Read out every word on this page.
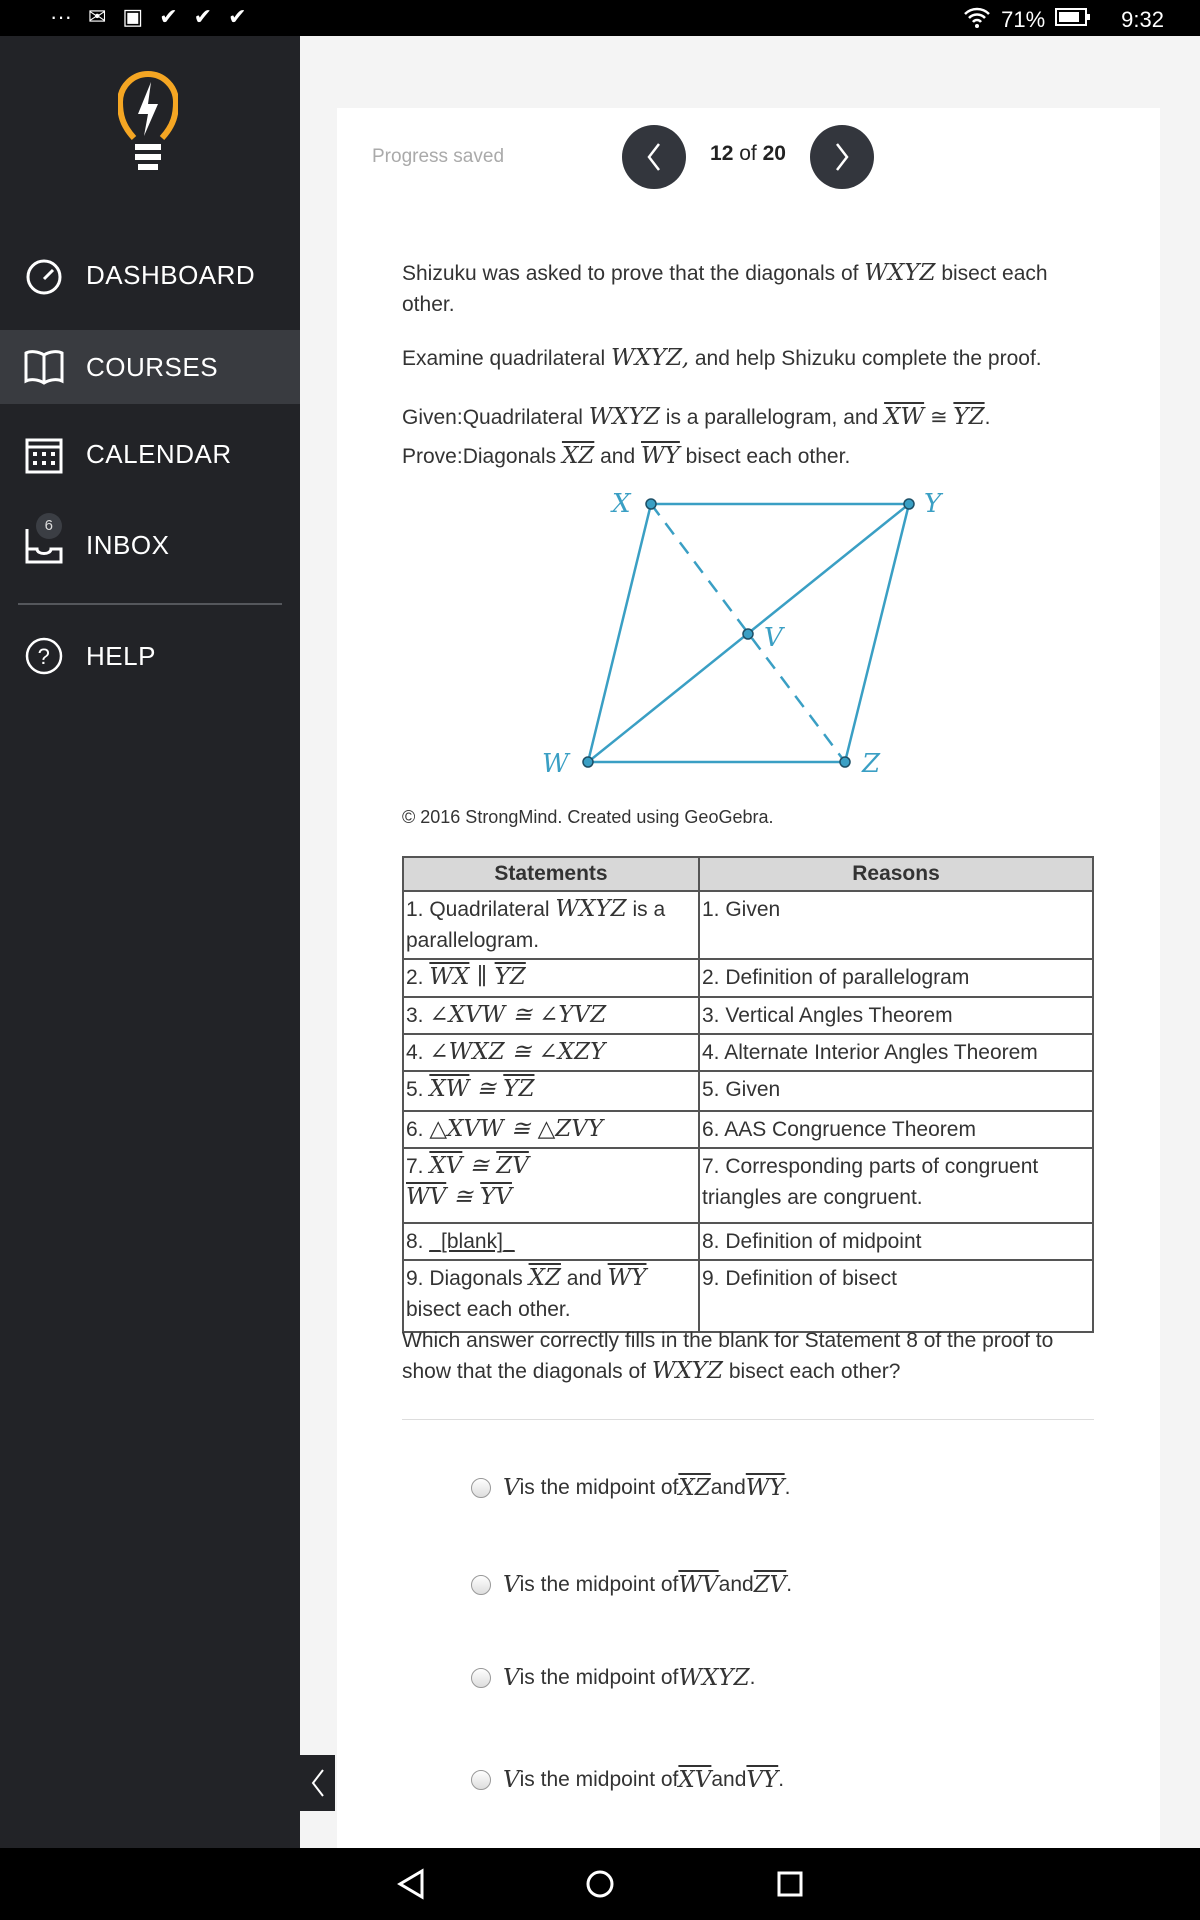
··· ✉ ▣ ✔ ✔ ✔	71%	9:32
DASHBOARD
COURSES
CALENDAR
6
INBOX
? HELP
Progress saved	12 of 20
Shizuku was asked to prove that the diagonals of WXYZ bisect each
other.
Examine quadrilateral WXYZ, and help Shizuku complete the proof.
Given:Quadrilateral WXYZ is a parallelogram, and $\overline{XW}$ ≅ $\overline{YZ}$.
Prove:Diagonals $\overline{XZ}$ and $\overline{WY}$ bisect each other.
X	Y
W	Z
V
© 2016 StrongMind. Created using GeoGebra.
Statements	Reasons
1. Quadrilateral WXYZ is a parallelogram.	1. Given
2. $\overline{WX}$ ∥ $\overline{YZ}$	2. Definition of parallelogram
3. ∠XVW ≅ ∠YVZ	3. Vertical Angles Theorem
4. ∠WXZ ≅ ∠XZY	4. Alternate Interior Angles Theorem
5. $\overline{XW}$ ≅ $\overline{YZ}$	5. Given
6. △XVW ≅ △ZVY	6. AAS Congruence Theorem
7. $\overline{XV}$ ≅ $\overline{ZV}$
$\overline{WV}$ ≅ $\overline{YV}$	7. Corresponding parts of congruent triangles are congruent.
8. _[blank]_	8. Definition of midpoint
9. Diagonals $\overline{XZ}$ and $\overline{WY}$ bisect each other.	9. Definition of bisect
Which answer correctly fills in the blank for Statement 8 of the proof to
show that the diagonals of WXYZ bisect each other?
V is the midpoint of $\overline{XZ}$ and $\overline{WY}$ .
V is the midpoint of $\overline{WV}$ and $\overline{ZV}$ .
V is the midpoint of WXYZ .
V is the midpoint of $\overline{XV}$ and $\overline{VY}$ .
